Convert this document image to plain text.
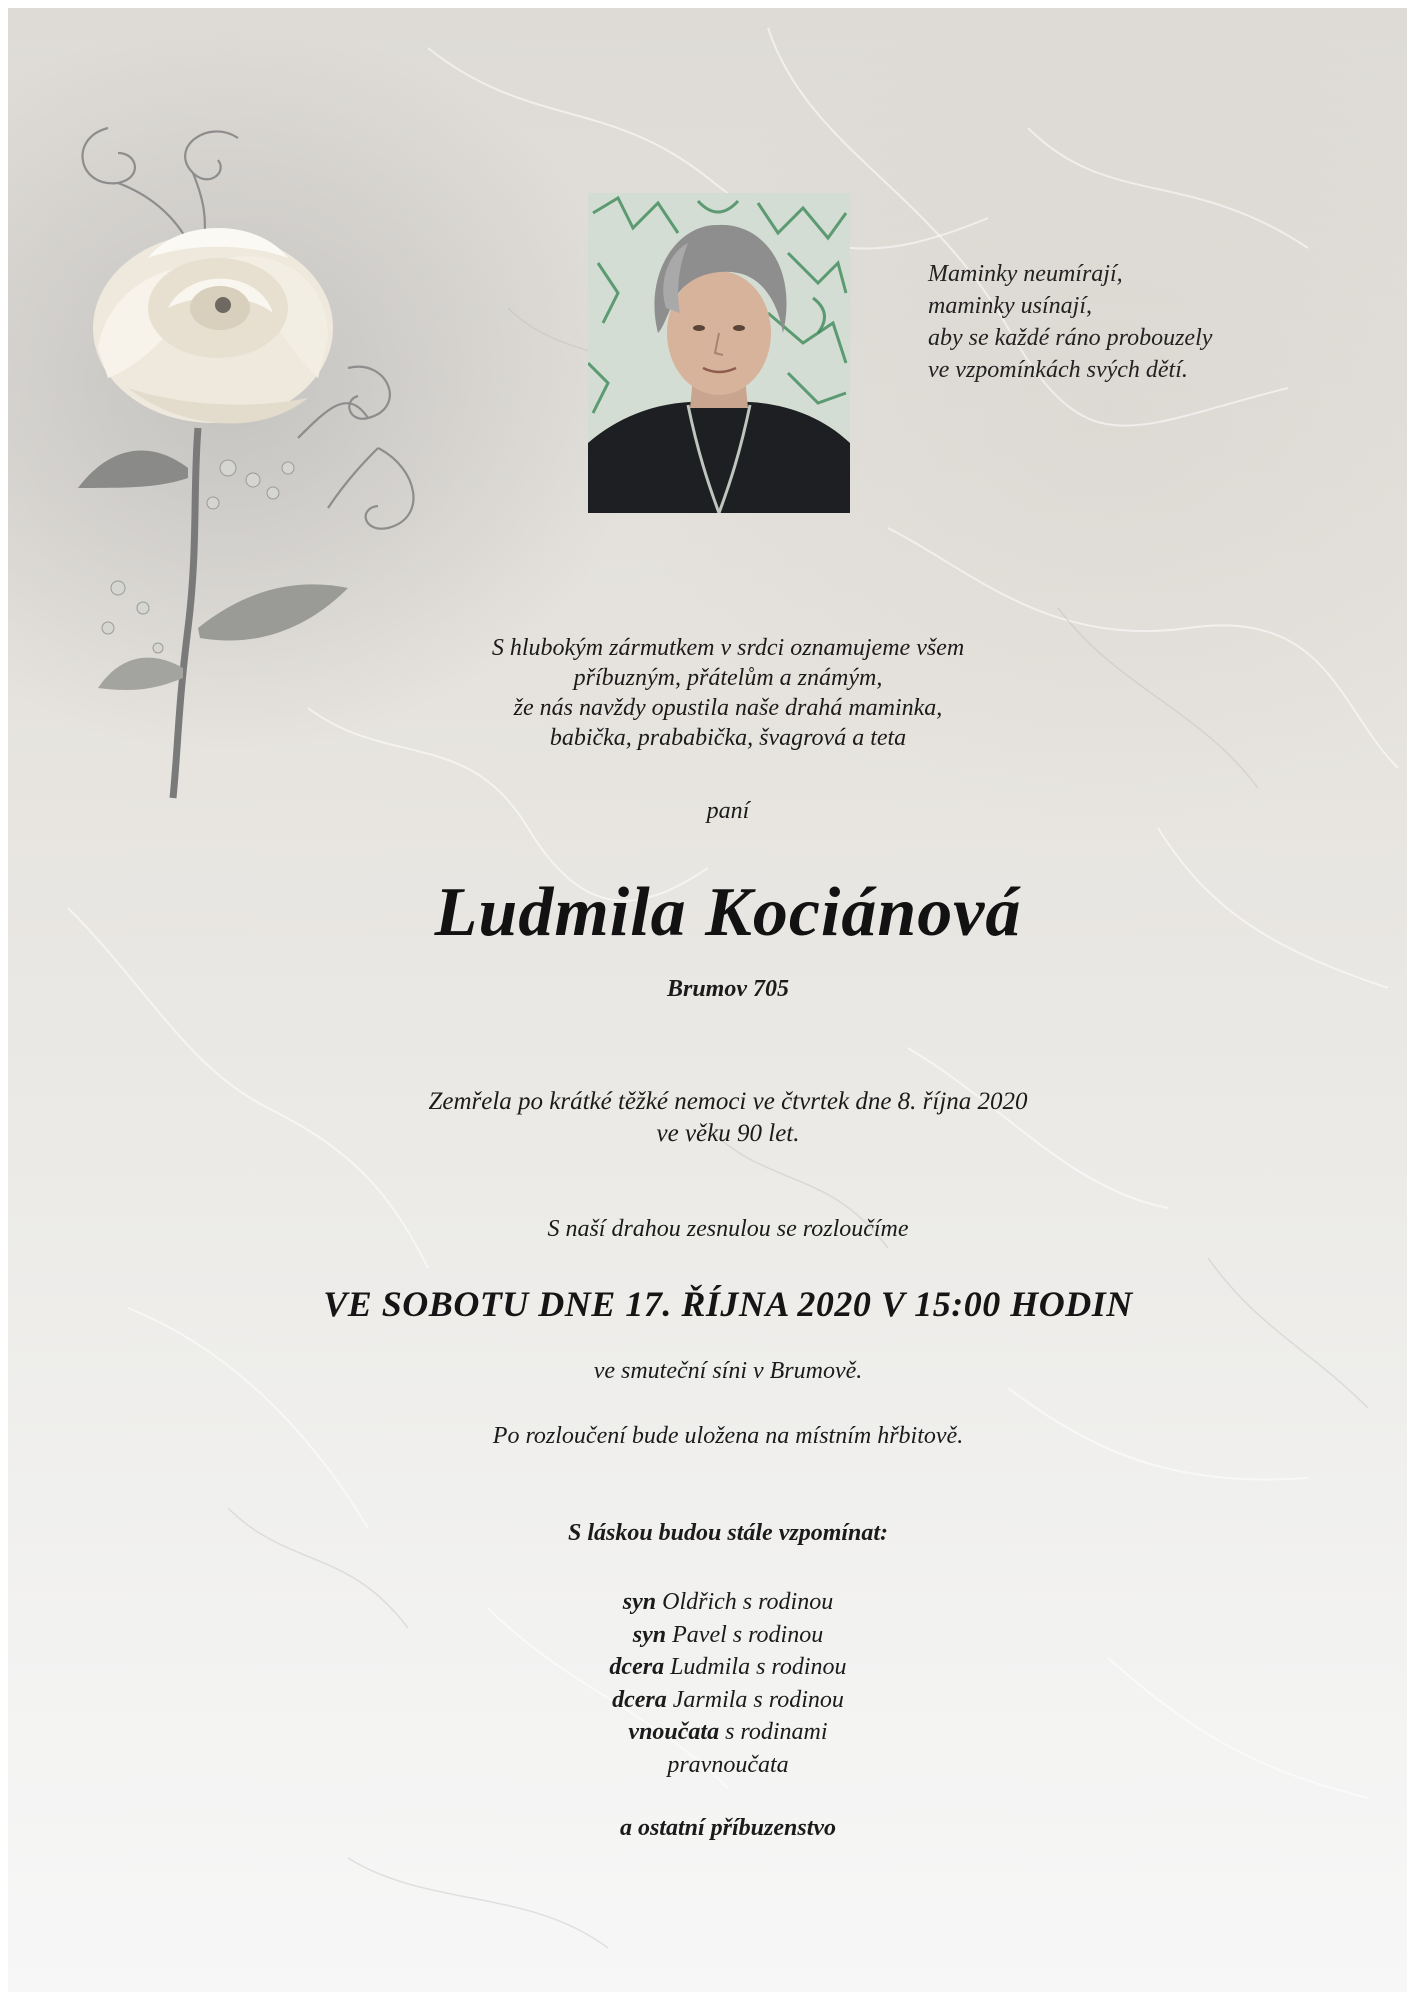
Maminky neumírají,
maminky usínají,
aby se každé ráno probouzely
ve vzpomínkách svých dětí.
S hlubokým zármutkem v srdci oznamujeme všem
příbuzným, přátelům a známým,
že nás navždy opustila naše drahá maminka,
babička, prababička, švagrová a teta
paní
Ludmila Kociánová
Brumov 705
Zemřela po krátké těžké nemoci ve čtvrtek dne 8. října 2020
ve věku 90 let.
S naší drahou zesnulou se rozloučíme
VE SOBOTU DNE 17. ŘÍJNA 2020 V 15:00 HODIN
ve smuteční síni v Brumově.
Po rozloučení bude uložena na místním hřbitově.
S láskou budou stále vzpomínat:
syn Oldřich s rodinou
syn Pavel s rodinou
dcera Ludmila s rodinou
dcera Jarmila s rodinou
vnoučata s rodinami
pravnoučata
a ostatní příbuzenstvo
